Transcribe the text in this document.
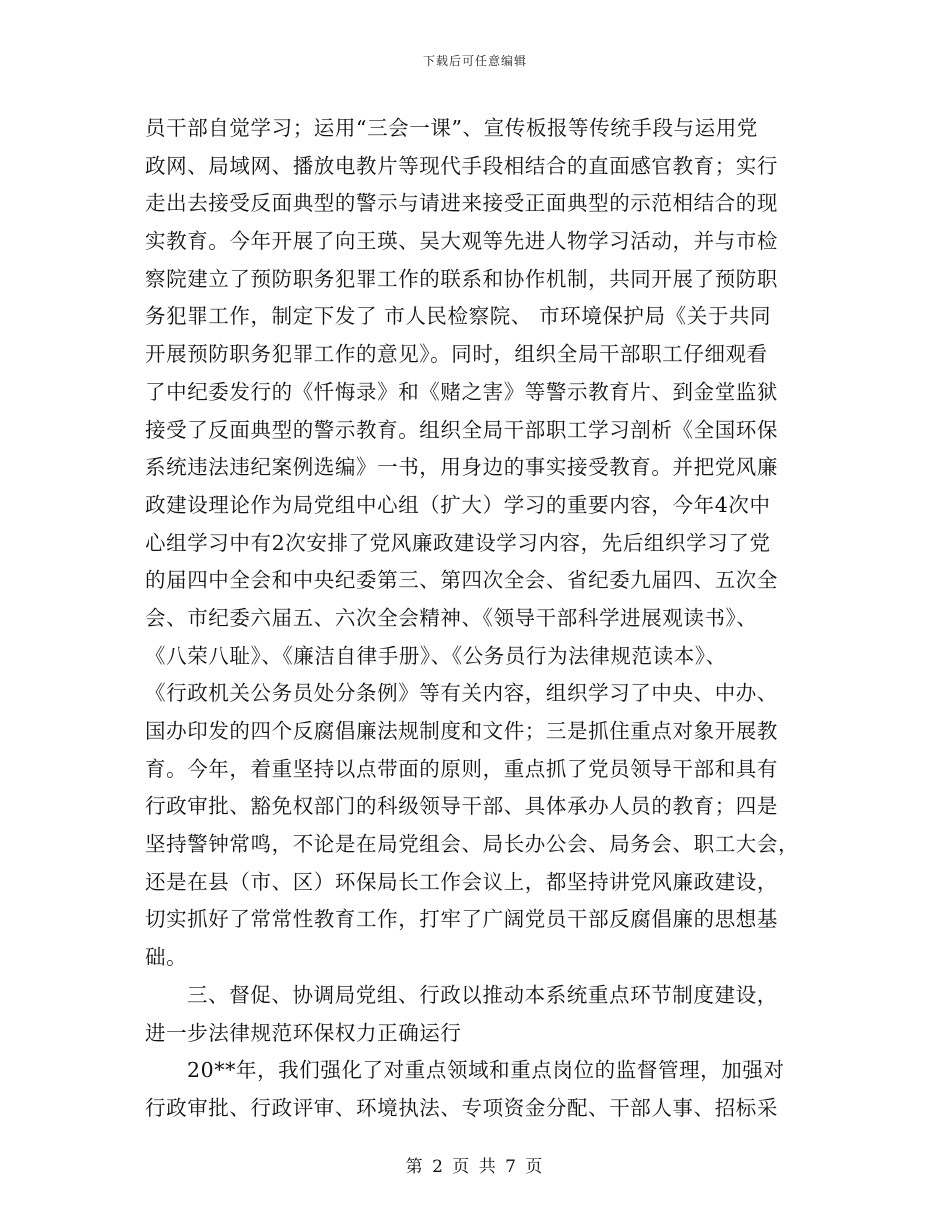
下载后可任意编辑
员干部自觉学习；运用“三会一课”、宣传板报等传统手段与运用党
政网、局域网、播放电教片等现代手段相结合的直面感官教育；实行
走出去接受反面典型的警示与请进来接受正面典型的示范相结合的现
实教育。今年开展了向王瑛、吴大观等先进人物学习活动，并与市检
察院建立了预防职务犯罪工作的联系和协作机制，共同开展了预防职
务犯罪工作，制定下发了 市人民检察院、 市环境保护局《关于共同
开展预防职务犯罪工作的意见》。同时，组织全局干部职工仔细观看
了中纪委发行的《忏悔录》和《赌之害》等警示教育片、到金堂监狱
接受了反面典型的警示教育。组织全局干部职工学习剖析《全国环保
系统违法违纪案例选编》一书，用身边的事实接受教育。并把党风廉
政建设理论作为局党组中心组（扩大）学习的重要内容，今年4次中
心组学习中有2次安排了党风廉政建设学习内容，先后组织学习了党
的届四中全会和中央纪委第三、第四次全会、省纪委九届四、五次全
会、市纪委六届五、六次全会精神、《领导干部科学进展观读书》、
《八荣八耻》、《廉洁自律手册》、《公务员行为法律规范读本》、
《行政机关公务员处分条例》等有关内容，组织学习了中央、中办、
国办印发的四个反腐倡廉法规制度和文件；三是抓住重点对象开展教
育。今年，着重坚持以点带面的原则，重点抓了党员领导干部和具有
行政审批、豁免权部门的科级领导干部、具体承办人员的教育；四是
坚持警钟常鸣，不论是在局党组会、局长办公会、局务会、职工大会，
还是在县（市、区）环保局长工作会议上，都坚持讲党风廉政建设，
切实抓好了常常性教育工作，打牢了广阔党员干部反腐倡廉的思想基
础。
三、督促、协调局党组、行政以推动本系统重点环节制度建设，
进一步法律规范环保权力正确运行
20**年，我们强化了对重点领域和重点岗位的监督管理，加强对
行政审批、行政评审、环境执法、专项资金分配、干部人事、招标采
第 2 页 共 7 页
